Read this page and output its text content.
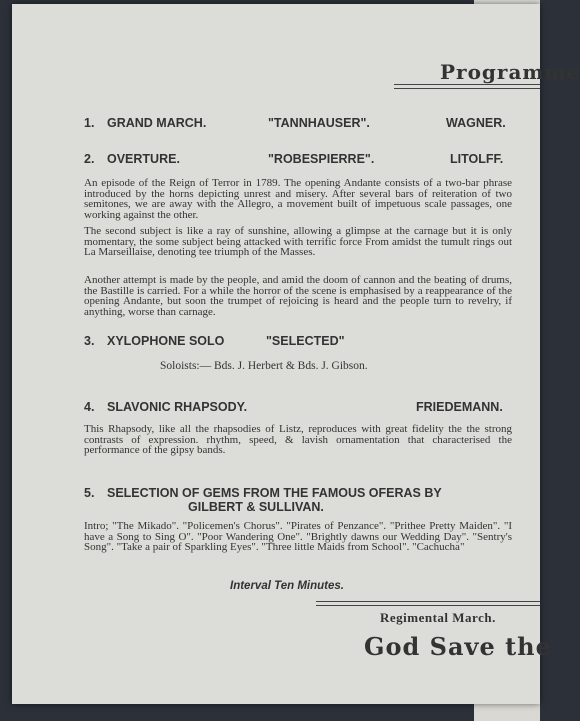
Programme
1. GRAND MARCH.	"TANNHAUSER".	WAGNER.
2. OVERTURE.	"ROBESPIERRE".	LITOLFF.
An episode of the Reign of Terror in 1789. The opening Andante consists of a two-bar phrase introduced by the horns depicting unrest and misery. After several bars of reiteration of two semitones, we are away with the Allegro, a movement built of impetuous scale passages, one working against the other.
The second subject is like a ray of sunshine, allowing a glimpse at the carnage but it is only momentary, the some subject being attacked with terrific force From amidst the tumult rings out La Marseillaise, denoting tee triumph of the Masses.
Another attempt is made by the people, and amid the doom of cannon and the beating of drums, the Bastille is carried. For a while the horror of the scene is emphasised by a reappearance of the opening Andante, but soon the trumpet of rejoicing is heard and the people turn to revelry, if anything, worse than carnage.
3. XYLOPHONE SOLO	"SELECTED"
Soloists:— Bds. J. Herbert & Bds. J. Gibson.
4. SLAVONIC RHAPSODY.	FRIEDEMANN.
This Rhapsody, like all the rhapsodies of Listz, reproduces with great fidelity the the strong contrasts of expression. rhythm, speed, & lavish ornamentation that characterised the performance of the gipsy bands.
5. SELECTION OF GEMS FROM THE FAMOUS OFERAS BY
GILBERT & SULLIVAN.
Intro; "The Mikado". "Policemen's Chorus". "Pirates of Penzance". "Prithee Pretty Maiden". "I have a Song to Sing O". "Poor Wandering One". "Brightly dawns our Wedding Day". "Sentry's Song". "Take a pair of Sparkling Eyes". "Three little Maids from School". "Cachucha"
Interval Ten Minutes.
Regimental March.
God Save the
